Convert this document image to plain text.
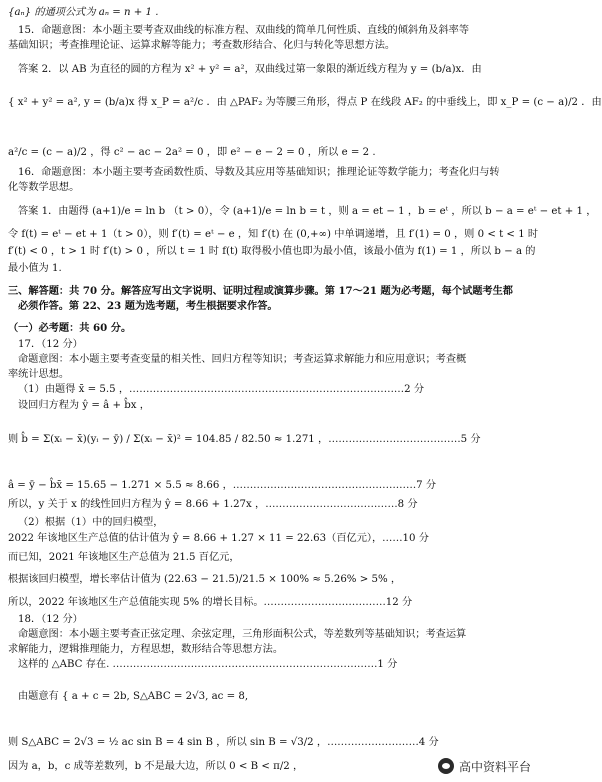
{aₙ} 的通项公式为 aₙ = n + 1 .
15．命题意图：本小题主要考查双曲线的标准方程、双曲线的简单几何性质、直线的倾斜角及斜率等
基础知识；考查推理论证、运算求解等能力；考查数形结合、化归与转化等思想方法。
答案 2．以 AB 为直径的圆的方程为 x² + y² = a²，双曲线过第一象限的渐近线方程为 y = (b/a)x．由
{ x² + y² = a², y = (b/a)x 得 x_P = a²/c ．由 △PAF₂ 为等腰三角形，得点 P 在线段 AF₂ 的中垂线上，即 x_P = (c − a)/2 ．由
a²/c = (c − a)/2 ，得 c² − ac − 2a² = 0 ，即 e² − e − 2 = 0 ，所以 e = 2 .
16．命题意图：本小题主要考查函数性质、导数及其应用等基础知识；推理论证等数学能力；考查化归与转
化等数学思想。
答案 1．由题得 (a+1)/e = ln b （t > 0），令 (a+1)/e = ln b = t ，则 a = et − 1 ，b = eᵗ ，所以 b − a = eᵗ − et + 1 ，
令 f(t) = eᵗ − et + 1（t > 0），则 f′(t) = eᵗ − e ，知 f′(t) 在 (0,+∞) 中单调递增，且 f′(1) = 0 ，则 0 < t < 1 时
f′(t) < 0 ，t > 1 时 f′(t) > 0 ，所以 t = 1 时 f(t) 取得极小值也即为最小值，该最小值为 f(1) = 1 ，所以 b − a 的
最小值为 1.
三、解答题：共 70 分。解答应写出文字说明、证明过程或演算步骤。第 17～21 题为必考题，每个试题考生都
必须作答。第 22、23 题为选考题，考生根据要求作答。
（一）必考题：共 60 分。
17．（12 分）
命题意图：本小题主要考查变量的相关性、回归方程等知识；考查运算求解能力和应用意识；考查概
率统计思想。
（1）由题得 x̄ = 5.5 ，………………………………………………………………………2 分
设回归方程为 ŷ = â + b̂x ，
则 b̂ = Σ(xᵢ − x̄)(yᵢ − ȳ) / Σ(xᵢ − x̄)² = 104.85 / 82.50 ≈ 1.271 ，…………………………………5 分
â = ȳ − b̂x̄ = 15.65 − 1.271 × 5.5 ≈ 8.66 ，………………………………………………7 分
所以，y 关于 x 的线性回归方程为 ŷ = 8.66 + 1.27x ，…………………………………8 分
（2）根据（1）中的回归模型，
2022 年该地区生产总值的估计值为 ŷ = 8.66 + 1.27 × 11 = 22.63（百亿元），……10 分
而已知，2021 年该地区生产总值为 21.5 百亿元，
根据该回归模型，增长率估计值为 (22.63 − 21.5)/21.5 × 100% ≈ 5.26% > 5% ，
所以，2022 年该地区生产总值能实现 5% 的增长目标。………………………………12 分
18．（12 分）
命题意图：本小题主要考查正弦定理、余弦定理，三角形面积公式，等差数列等基础知识；考查运算
求解能力，逻辑推理能力，方程思想，数形结合等思想方法。
这样的 △ABC 存在. ……………………………………………………………………1 分
由题意有 { a + c = 2b, S△ABC = 2√3, ac = 8,
则 S△ABC = 2√3 = ½ ac sin B = 4 sin B ，所以 sin B = √3/2 ，………………………4 分
因为 a，b，c 成等差数列，b 不是最大边，所以 0 < B < π/2 ，	高中资料平台
